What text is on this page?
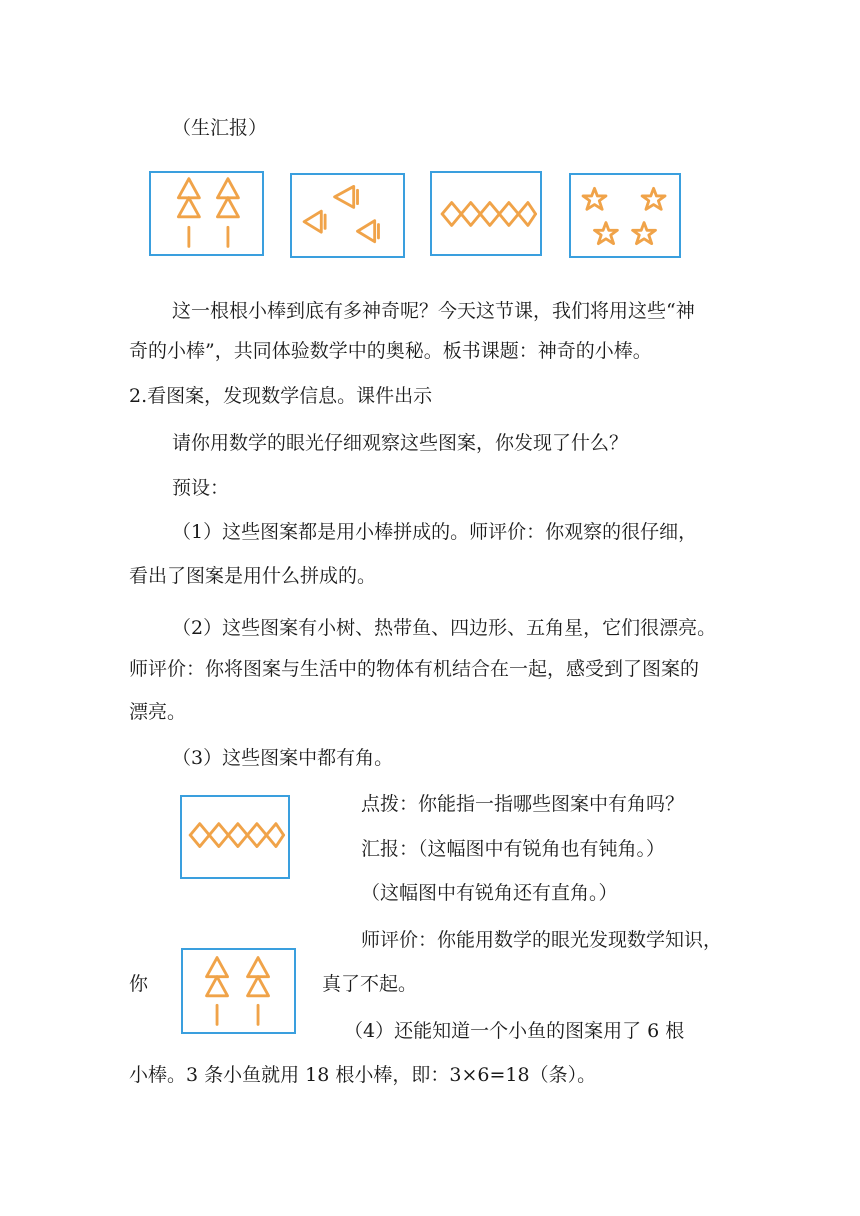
（生汇报）
这一根根小棒到底有多神奇呢？今天这节课，我们将用这些“神
奇的小棒”，共同体验数学中的奥秘。板书课题：神奇的小棒。
2.看图案，发现数学信息。课件出示
请你用数学的眼光仔细观察这些图案，你发现了什么？
预设：
（1）这些图案都是用小棒拼成的。师评价：你观察的很仔细，
看出了图案是用什么拼成的。
（2）这些图案有小树、热带鱼、四边形、五角星，它们很漂亮。
师评价：你将图案与生活中的物体有机结合在一起，感受到了图案的
漂亮。
（3）这些图案中都有角。
点拨：你能指一指哪些图案中有角吗？
汇报：（这幅图中有锐角也有钝角。）
（这幅图中有锐角还有直角。）
师评价：你能用数学的眼光发现数学知识，
你	真了不起。
（4）还能知道一个小鱼的图案用了 6 根
小棒。3 条小鱼就用 18 根小棒，即：3×6=18（条）。
